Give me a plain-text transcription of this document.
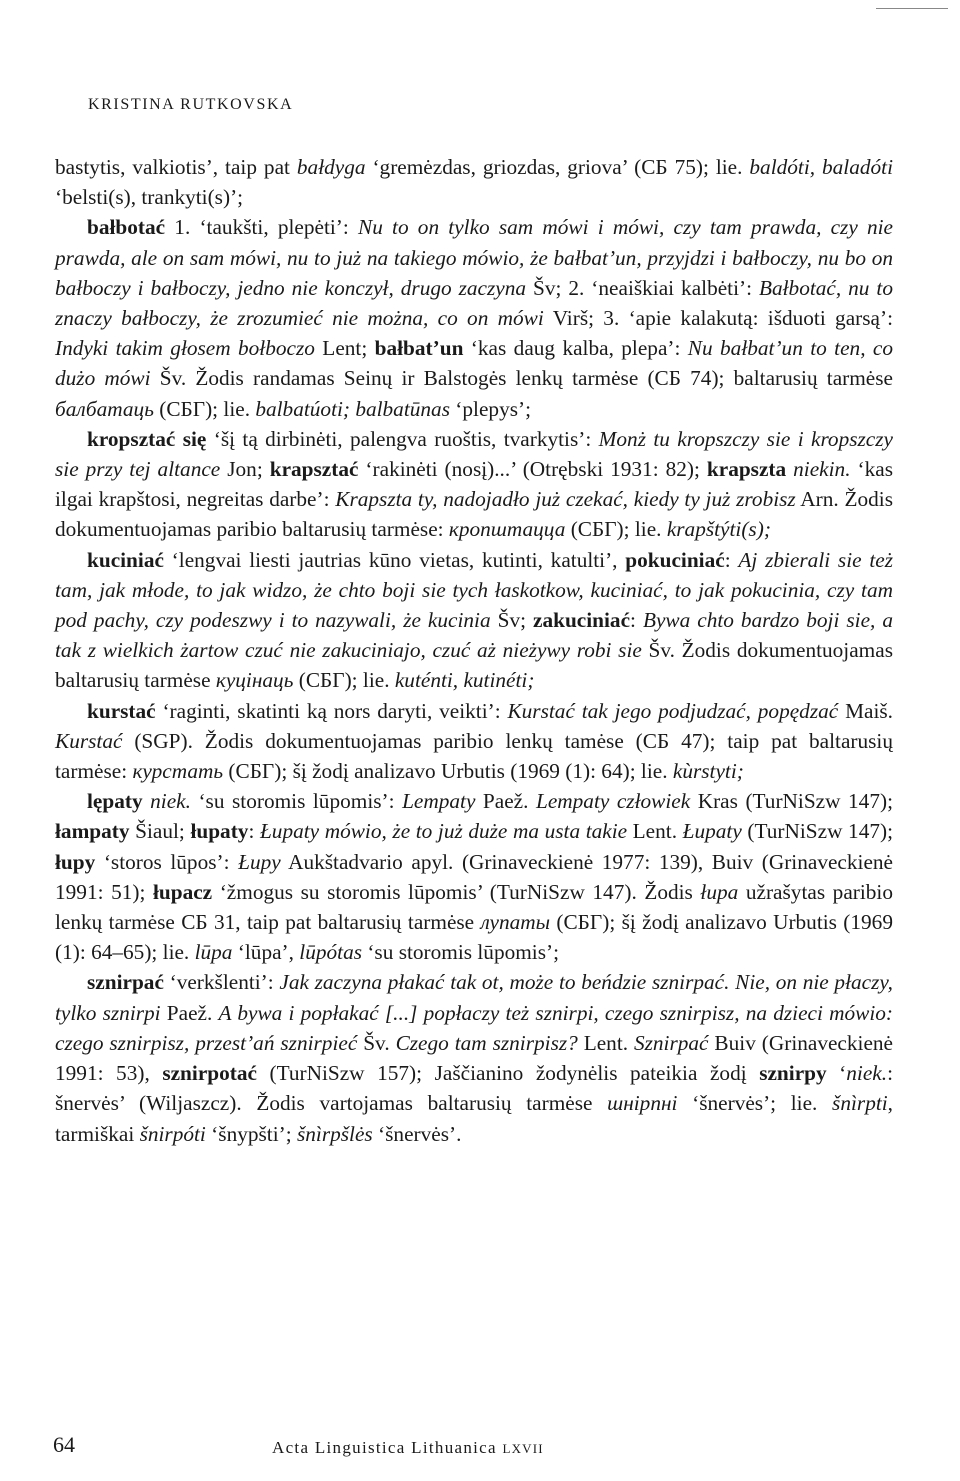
KRISTINA RUTKOVSKA

bastytis, valkiotis’, taip pat bałdyga ‘gremėzdas, griozdas, griova’ (СБ 75); lie. baldóti, baladóti ‘belsti(s), trankyti(s)’;

bałbotać 1. ‘taukšti, plepėti’: Nu to on tylko sam mówi i mówi, czy tam prawda, czy nie prawda, ale on sam mówi, nu to już na takiego mówio, że bałbat’un, przyjdzi i bałboczy, nu bo on bałboczy i bałboczy, jedno nie konczył, drugo zaczyna Šv; 2. ‘neaiškiai kalbėti’: Bałbotać, nu to znaczy bałboczy, że zrozumieć nie można, co on mówi Virš; 3. ‘apie kalakutą: išduoti garsą’: Indyki takim głosem bołboczo Lent; bałbat’un ‘kas daug kalba, plepa’: Nu bałbat’un to ten, co dużo mówi Šv. Žodis randamas Seinų ir Balstogės lenkų tarmėse (СБ 74); baltarusių tarmėse балбатаць (СБГ); lie. balbatúoti; balbatūnas ‘plepys’;

kropsztać się ‘šį tą dirbinėti, palengva ruoštis, tvarkytis’: Monż tu kropszczy sie i kropszczy sie przy tej altance Jon; krapsztać ‘rakinėti (nosį)...’ (Otrębski 1931: 82); krapszta niekin. ‘kas ilgai krapštosi, negreitas darbe’: Krapszta ty, nadojadło już czekać, kiedy ty już zrobisz Arn. Žodis dokumentuojamas paribio baltarusių tarmėse: кропштацца (СБГ); lie. krapštýti(s);

kuciniać ‘lengvai liesti jautrias kūno vietas, kutinti, katulti’, pokuciniać: Aj zbierali sie też tam, jak młode, to jak widzo, że chto boji sie tych łaskotkow, kuciniać, to jak pokucinia, czy tam pod pachy, czy podeszwy i to nazywali, że kucinia Šv; zakuciniać: Bywa chto bardzo boji sie, a tak z wielkich żartow czuć nie zakuciniajo, czuć aż nieżywy robi sie Šv. Žodis dokumentuojamas baltarusių tarmėse куцінаць (СБГ); lie. kuténti, kutinéti;

kurstać ‘raginti, skatinti ką nors daryti, veikti’: Kurstać tak jego podjudzać, popędzać Maiš. Kurstać (SGP). Žodis dokumentuojamas paribio lenkų tamėse (СБ 47); taip pat baltarusių tarmėse: курстать (СБГ); šį žodį analizavo Urbutis (1969 (1): 64); lie. kùrstyti;

lępaty niek. ‘su storomis lūpomis’: Lempaty Paež. Lempaty człowiek Kras (TurNiSzw 147); łampaty Šiaul; łupaty: Łupaty mówio, że to już duże ma usta takie Lent. Łupaty (TurNiSzw 147); łupy ‘storos lūpos’: Łupy Aukštadvario apyl. (Grinaveckienė 1977: 139), Buiv (Grinaveckienė 1991: 51); łupacz ‘žmogus su storomis lūpomis’ (TurNiSzw 147). Žodis łupa užrašytas paribio lenkų tarmėse СБ 31, taip pat baltarusių tarmėse лупаты (СБГ); šį žodį analizavo Urbutis (1969 (1): 64–65); lie. lūpa ‘lūpa’, lūpótas ‘su storomis lūpomis’;

sznirpać ‘verkšlenti’: Jak zaczyna płakać tak ot, może to beńdzie sznirpać. Nie, on nie płaczy, tylko sznirpi Paež. A bywa i popłakać [...] popłaczy też sznirpi, czego sznirpisz, na dzieci mówio: czego sznirpisz, przest’ań sznirpieć Šv. Czego tam sznirpisz? Lent. Sznirpać Buiv (Grinaveckienė 1991: 53), sznirpotać (TurNiSzw 157); Jaščianino žodynėlis pateikia žodį sznirpy ‘niek.: šnervės’ (Wiljaszcz). Žodis vartojamas baltarusių tarmėse шнiрпнi ‘šnervės’; lie. šnìrpti, tarmiškai šnirpóti ‘šnypšti’; šnìrpšlės ‘šnervės’.

64	Acta Linguistica Lithuanica LXVII
